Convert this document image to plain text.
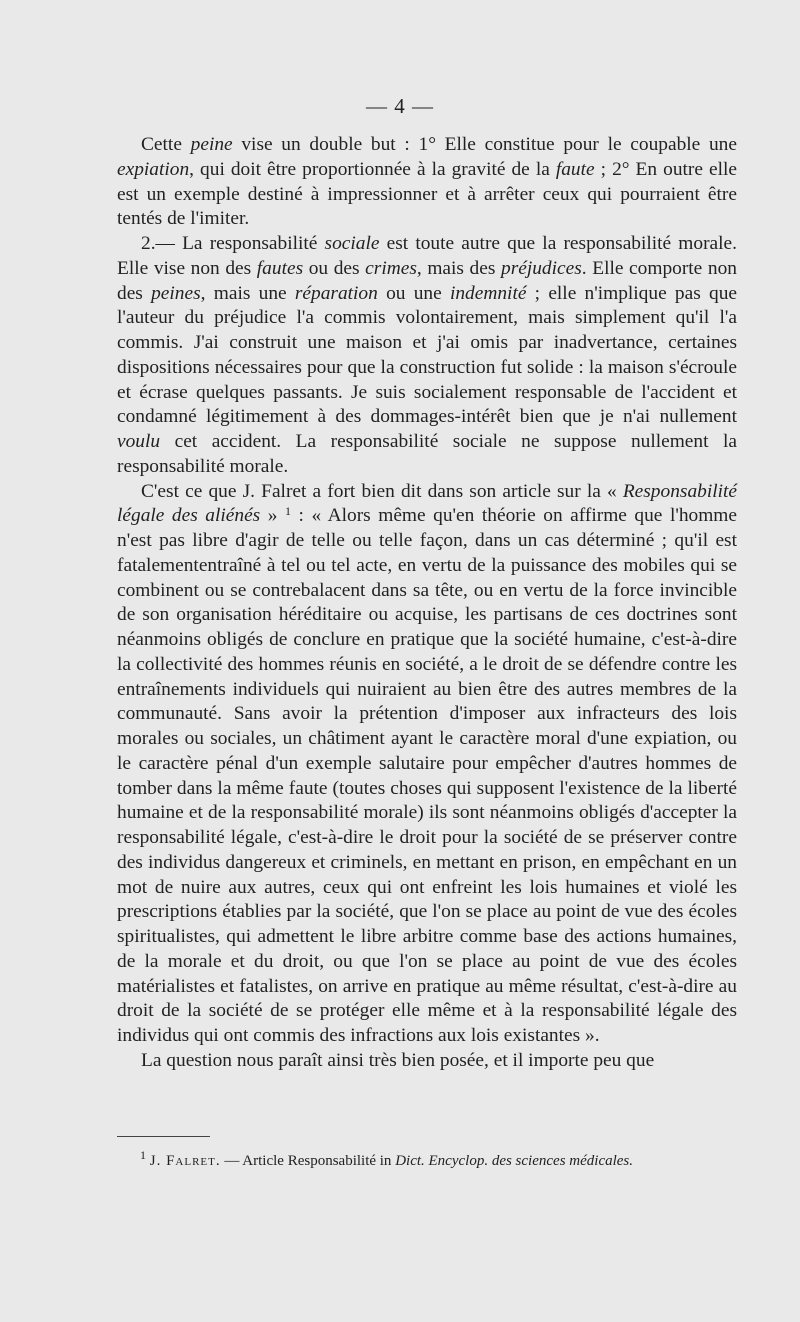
— 4 —

Cette peine vise un double but : 1° Elle constitue pour le coupable une expiation, qui doit être proportionnée à la gravité de la faute ; 2° En outre elle est un exemple destiné à impressionner et à arrêter ceux qui pourraient être tentés de l'imiter.

2.— La responsabilité sociale est toute autre que la responsabilité morale. Elle vise non des fautes ou des crimes, mais des préjudices. Elle comporte non des peines, mais une réparation ou une indemnité ; elle n'implique pas que l'auteur du préjudice l'a commis volontairement, mais simplement qu'il l'a commis. J'ai construit une maison et j'ai omis par inadvertance, certaines dispositions nécessaires pour que la construction fut solide : la maison s'écroule et écrase quelques passants. Je suis socialement responsable de l'accident et condamné légitimement à des dommages-intérêt bien que je n'ai nullement voulu cet accident. La responsabilité sociale ne suppose nullement la responsabilité morale.

C'est ce que J. Falret a fort bien dit dans son article sur la « Responsabilité légale des aliénés » $^1$ : « Alors même qu'en théorie on affirme que l'homme n'est pas libre d'agir de telle ou telle façon, dans un cas déterminé ; qu'il est fatalemententraîné à tel ou tel acte, en vertu de la puissance des mobiles qui se combinent ou se contrebalacent dans sa tête, ou en vertu de la force invincible de son organisation héréditaire ou acquise, les partisans de ces doctrines sont néanmoins obligés de conclure en pratique que la société humaine, c'est-à-dire la collectivité des hommes réunis en société, a le droit de se défendre contre les entraînements individuels qui nuiraient au bien être des autres membres de la communauté. Sans avoir la prétention d'imposer aux infracteurs des lois morales ou sociales, un châtiment ayant le caractère moral d'une expiation, ou le caractère pénal d'un exemple salutaire pour empêcher d'autres hommes de tomber dans la même faute (toutes choses qui supposent l'existence de la liberté humaine et de la responsabilité morale) ils sont néanmoins obligés d'accepter la responsabilité légale, c'est-à-dire le droit pour la société de se préserver contre des individus dangereux et criminels, en mettant en prison, en empêchant en un mot de nuire aux autres, ceux qui ont enfreint les lois humaines et violé les prescriptions établies par la société, que l'on se place au point de vue des écoles spiritualistes, qui admettent le libre arbitre comme base des actions humaines, de la morale et du droit, ou que l'on se place au point de vue des écoles matérialistes et fatalistes, on arrive en pratique au même résultat, c'est-à-dire au droit de la société de se protéger elle même et à la responsabilité légale des individus qui ont commis des infractions aux lois existantes ».

La question nous paraît ainsi très bien posée, et il importe peu que

$^1$ J. Falret. — Article Responsabilité in Dict. Encyclop. des sciences médicales.
